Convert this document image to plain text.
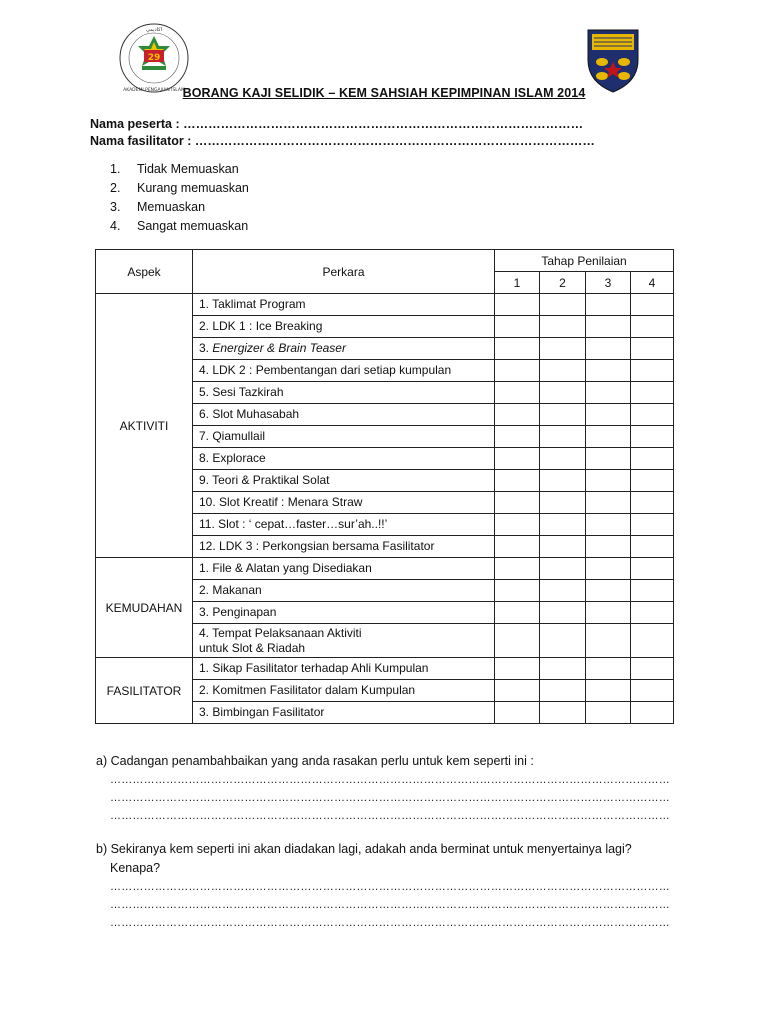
اكاديمي
AKADEMI PENGAJIAN ISLAM
29
BORANG KAJI SELIDIK – KEM SAHSIAH KEPIMPINAN ISLAM 2014
Nama peserta : ……………………………………………………………………………………
Nama fasilitator : ……………………………………………………………………………………
1. Tidak Memuaskan
2. Kurang memuaskan
3. Memuaskan
4. Sangat memuaskan
Aspek	Perkara	Tahap Penilaian			
		1	2	3	4
AKTIVITI	1. Taklimat Program				
	2. LDK 1 : Ice Breaking				
	3. Energizer & Brain Teaser				
	4. LDK 2 : Pembentangan dari setiap kumpulan				
	5. Sesi Tazkirah				
	6. Slot Muhasabah				
	7. Qiamullail				
	8. Explorace				
	9. Teori & Praktikal Solat				
	10. Slot Kreatif : Menara Straw				
	11. Slot : ‘ cepat…faster…sur’ah..!!’				
	12. LDK 3 : Perkongsian bersama Fasilitator				
KEMUDAHAN	1. File & Alatan yang Disediakan				
	2. Makanan				
	3. Penginapan				
	4. Tempat Pelaksanaan Aktiviti
untuk Slot & Riadah				
FASILITATOR	1. Sikap Fasilitator terhadap Ahli Kumpulan				
	2. Komitmen Fasilitator dalam Kumpulan				
	3. Bimbingan Fasilitator				
a) Cadangan penambahbaikan yang anda rasakan perlu untuk kem seperti ini :
……………………………………………………………………………………………………………………………………
……………………………………………………………………………………………………………………………………
……………………………………………………………………………………………………………………………………
b) Sekiranya kem seperti ini akan diadakan lagi, adakah anda berminat untuk menyertainya lagi?
Kenapa?
……………………………………………………………………………………………………………………………………
……………………………………………………………………………………………………………………………………
……………………………………………………………………………………………………………………………………
